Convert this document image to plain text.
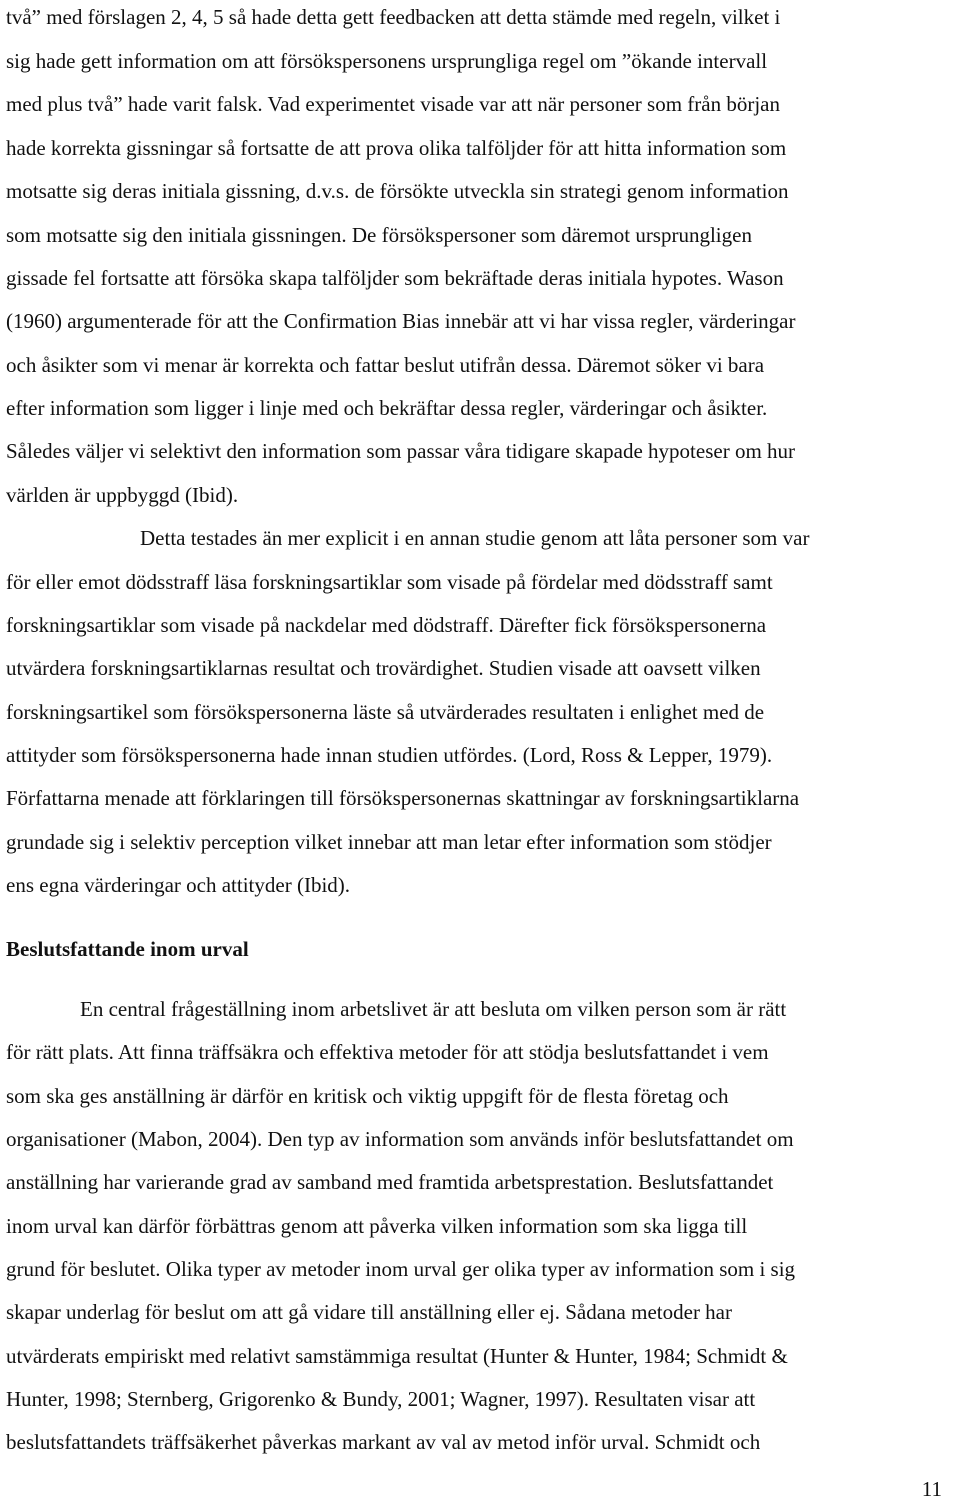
två” med förslagen 2, 4, 5 så hade detta gett feedbacken att detta stämde med regeln, vilket i
sig hade gett information om att försökspersonens ursprungliga regel om ”ökande intervall
med plus två” hade varit falsk. Vad experimentet visade var att när personer som från början
hade korrekta gissningar så fortsatte de att prova olika talföljder för att hitta information som
motsatte sig deras initiala gissning, d.v.s. de försökte utveckla sin strategi genom information
som motsatte sig den initiala gissningen. De försökspersoner som däremot ursprungligen
gissade fel fortsatte att försöka skapa talföljder som bekräftade deras initiala hypotes. Wason
(1960) argumenterade för att the Confirmation Bias innebär att vi har vissa regler, värderingar
och åsikter som vi menar är korrekta och fattar beslut utifrån dessa. Däremot söker vi bara
efter information som ligger i linje med och bekräftar dessa regler, värderingar och åsikter.
Således väljer vi selektivt den information som passar våra tidigare skapade hypoteser om hur
världen är uppbyggd (Ibid).
Detta testades än mer explicit i en annan studie genom att låta personer som var
för eller emot dödsstraff läsa forskningsartiklar som visade på fördelar med dödsstraff samt
forskningsartiklar som visade på nackdelar med dödstraff. Därefter fick försökspersonerna
utvärdera forskningsartiklarnas resultat och trovärdighet. Studien visade att oavsett vilken
forskningsartikel som försökspersonerna läste så utvärderades resultaten i enlighet med de
attityder som försökspersonerna hade innan studien utfördes. (Lord, Ross & Lepper, 1979).
Författarna menade att förklaringen till försökspersonernas skattningar av forskningsartiklarna
grundade sig i selektiv perception vilket innebar att man letar efter information som stödjer
ens egna värderingar och attityder (Ibid).
Beslutsfattande inom urval
En central frågeställning inom arbetslivet är att besluta om vilken person som är rätt
för rätt plats. Att finna träffsäkra och effektiva metoder för att stödja beslutsfattandet i vem
som ska ges anställning är därför en kritisk och viktig uppgift för de flesta företag och
organisationer (Mabon, 2004). Den typ av information som används inför beslutsfattandet om
anställning har varierande grad av samband med framtida arbetsprestation. Beslutsfattandet
inom urval kan därför förbättras genom att påverka vilken information som ska ligga till
grund för beslutet. Olika typer av metoder inom urval ger olika typer av information som i sig
skapar underlag för beslut om att gå vidare till anställning eller ej. Sådana metoder har
utvärderats empiriskt med relativt samstämmiga resultat (Hunter & Hunter, 1984; Schmidt &
Hunter, 1998; Sternberg, Grigorenko & Bundy, 2001; Wagner, 1997). Resultaten visar att
beslutsfattandets träffsäkerhet påverkas markant av val av metod inför urval. Schmidt och
11
